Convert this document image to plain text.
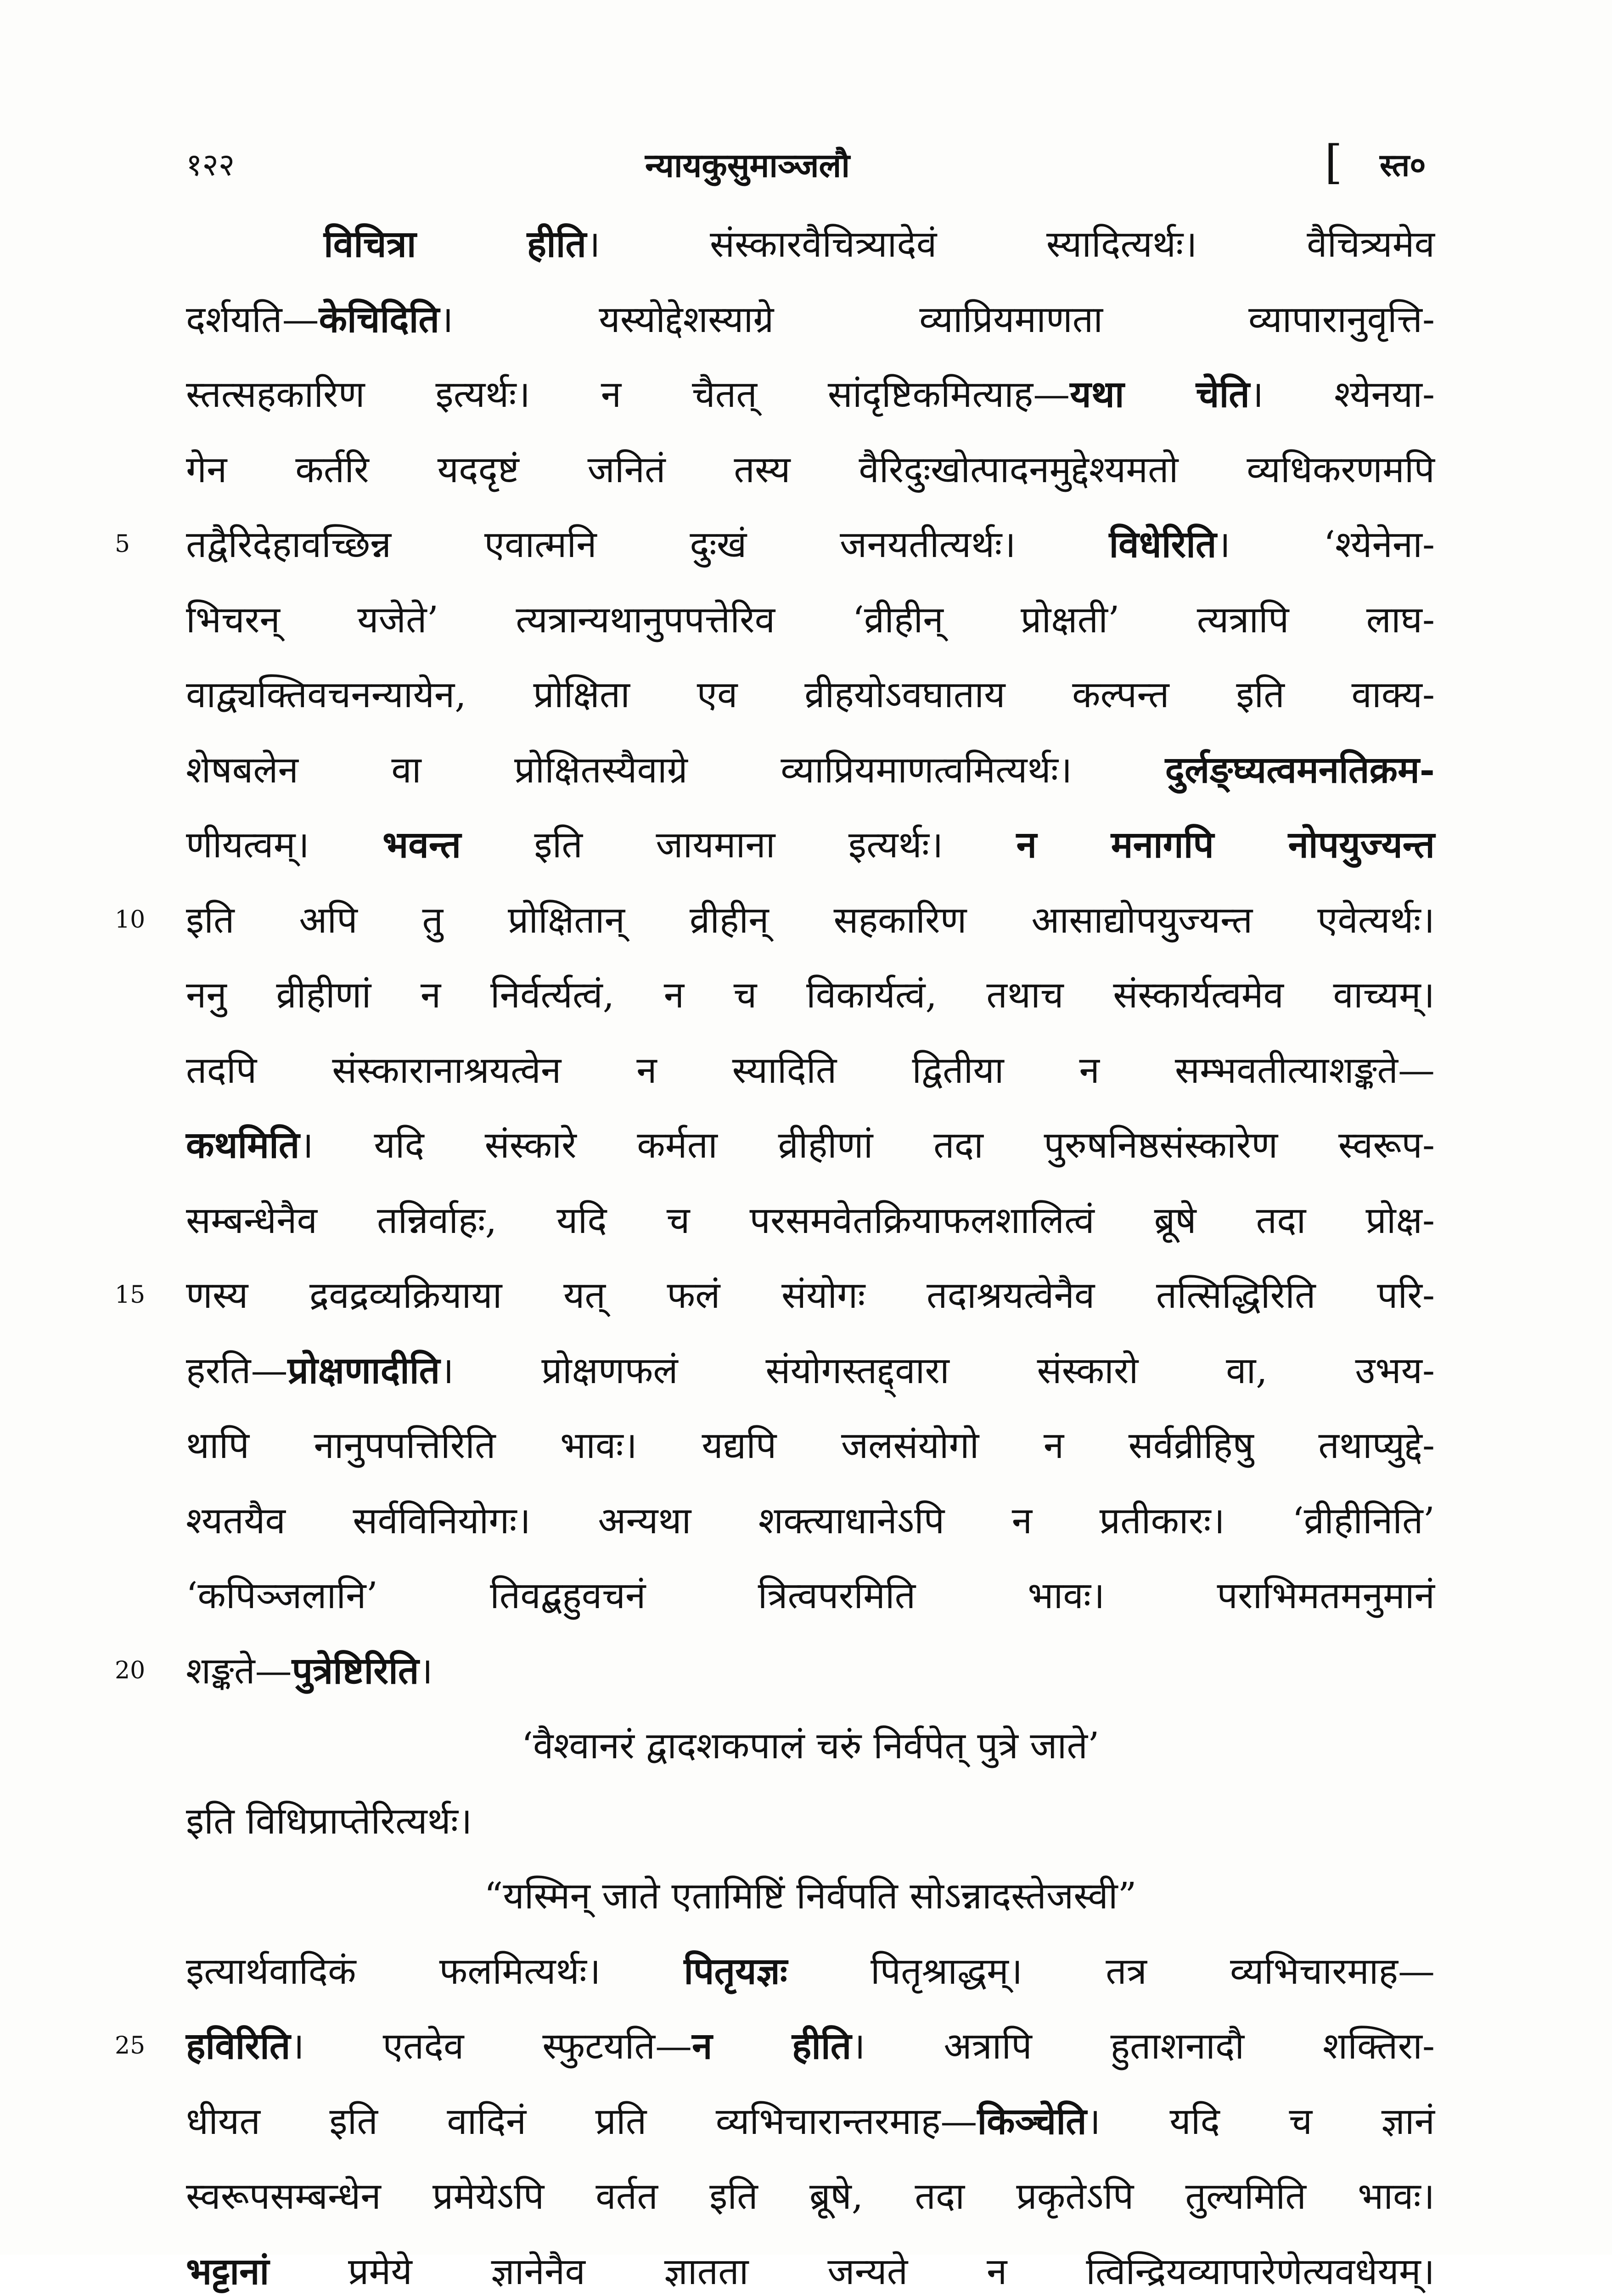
१२२	न्यायकुसुमाञ्जलौ	[ स्त०
विचित्रा हीति। संस्कारवैचित्र्यादेवं स्यादित्यर्थः। वैचित्र्यमेव
दर्शयति—केचिदिति। यस्योद्देशस्याग्रे व्याप्रियमाणता व्यापारानुवृत्ति-
स्तत्सहकारिण इत्यर्थः। न चैतत् सांदृष्टिकमित्याह—यथा चेति। श्येनया-
गेन कर्तरि यददृष्टं जनितं तस्य वैरिदुःखोत्पादनमुद्देश्यमतो व्यधिकरणमपि
5	तद्वैरिदेहावच्छिन्न एवात्मनि दुःखं जनयतीत्यर्थः। विधेरिति। ‘श्येनेना-
भिचरन् यजेते’ त्यत्रान्यथानुपपत्तेरिव ‘व्रीहीन् प्रोक्षती’ त्यत्रापि लाघ-
वाद्व्यक्तिवचनन्यायेन, प्रोक्षिता एव व्रीहयोऽवघाताय कल्पन्त इति वाक्य-
शेषबलेन वा प्रोक्षितस्यैवाग्रे व्याप्रियमाणत्वमित्यर्थः। दुर्लङ्घ्यत्वमनतिक्रम-
णीयत्वम्। भवन्त इति जायमाना इत्यर्थः। न मनागपि नोपयुज्यन्त
10	इति अपि तु प्रोक्षितान् व्रीहीन् सहकारिण आसाद्योपयुज्यन्त एवेत्यर्थः।
ननु व्रीहीणां न निर्वर्त्यत्वं, न च विकार्यत्वं, तथाच संस्कार्यत्वमेव वाच्यम्।
तदपि संस्कारानाश्रयत्वेन न स्यादिति द्वितीया न सम्भवतीत्याशङ्कते—
कथमिति। यदि संस्कारे कर्मता व्रीहीणां तदा पुरुषनिष्ठसंस्कारेण स्वरूप-
सम्बन्धेनैव तन्निर्वाहः, यदि च परसमवेतक्रियाफलशालित्वं ब्रूषे तदा प्रोक्ष-
15	णस्य द्रवद्रव्यक्रियाया यत् फलं संयोगः तदाश्रयत्वेनैव तत्सिद्धिरिति परि-
हरति—प्रोक्षणादीति। प्रोक्षणफलं संयोगस्तद्द्वारा संस्कारो वा, उभय-
थापि नानुपपत्तिरिति भावः। यद्यपि जलसंयोगो न सर्वव्रीहिषु तथाप्युद्दे-
श्यतयैव सर्वविनियोगः। अन्यथा शक्त्याधानेऽपि न प्रतीकारः। ‘व्रीहीनिति’
‘कपिञ्जलानि’ तिवद्बहुवचनं त्रित्वपरमिति भावः। पराभिमतमनुमानं
20	शङ्कते—पुत्रेष्टिरिति।
‘वैश्वानरं द्वादशकपालं चरुं निर्वपेत् पुत्रे जाते’
इति विधिप्राप्तेरित्यर्थः।
“यस्मिन् जाते एतामिष्टिं निर्वपति सोऽन्नादस्तेजस्वी”
इत्यार्थवादिकं फलमित्यर्थः। पितृयज्ञः पितृश्राद्धम्। तत्र व्यभिचारमाह—
25	हविरिति। एतदेव स्फुटयति—न हीति। अत्रापि हुताशनादौ शक्तिरा-
धीयत इति वादिनं प्रति व्यभिचारान्तरमाह—किञ्चेति। यदि च ज्ञानं
स्वरूपसम्बन्धेन प्रमेयेऽपि वर्तत इति ब्रूषे, तदा प्रकृतेऽपि तुल्यमिति भावः।
भट्टानां प्रमेये ज्ञानेनैव ज्ञातता जन्यते न त्विन्द्रियव्यापारेणेत्यवधेयम्।
